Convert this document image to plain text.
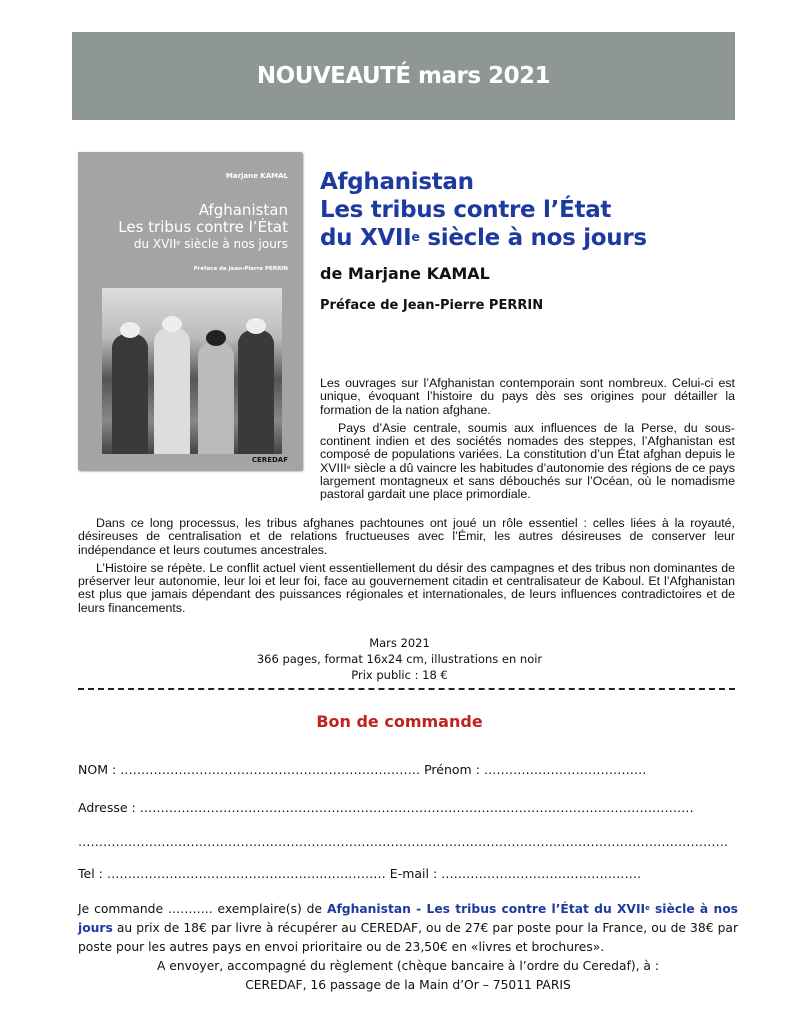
NOUVEAUTÉ mars 2021
Marjane KAMAL
Afghanistan
Les tribus contre l’État
du XVIIe siècle à nos jours
Préface de Jean-Pierre PERRIN
CEREDAF
Afghanistan
Les tribus contre l’État
du XVIIe siècle à nos jours
de Marjane KAMAL
Préface de Jean-Pierre PERRIN

Les ouvrages sur l’Afghanistan contemporain sont nombreux. Celui-ci est unique, évoquant l’histoire du pays dès ses origines pour détailler la formation de la nation afghane.

Pays d’Asie centrale, soumis aux influences de la Perse, du sous-continent indien et des sociétés nomades des steppes, l’Afghanistan est composé de populations variées. La constitution d’un État afghan depuis le XVIIIe siècle a dû vaincre les habitudes d’autonomie des régions de ce pays largement montagneux et sans débouchés sur l’Océan, où le nomadisme pastoral gardait une place primordiale.

Dans ce long processus, les tribus afghanes pachtounes ont joué un rôle essentiel : celles liées à la royauté, désireuses de centralisation et de relations fructueuses avec l’Émir, les autres désireuses de conserver leur indépendance et leurs coutumes ancestrales.

L’Histoire se répète. Le conflit actuel vient essentiellement du désir des campagnes et des tribus non dominantes de préserver leur autonomie, leur loi et leur foi, face au gouvernement citadin et centralisateur de Kaboul. Et l’Afghanistan est plus que jamais dépendant des puissances régionales et internationales, de leurs influences contradictoires et de leurs financements.

Mars 2021
366 pages, format 16x24 cm, illustrations en noir
Prix public : 18 €
Bon de commande
NOM : ……………………………………………………………… Prénom : …………………………………
Adresse : …………………………………………………………………………….………………………………………
…………………………………………………………………………………………………………………………………………
Tel : …………………………………………….…………… E-mail : …………………………………………
Je commande ……….. exemplaire(s) de Afghanistan - Les tribus contre l’État du XVIIe siècle à nos jours au prix de 18€ par livre à récupérer au CEREDAF, ou de 27€ par poste pour la France, ou de 38€ par poste pour les autres pays en envoi prioritaire ou de 23,50€ en «livres et brochures».
A envoyer, accompagné du règlement (chèque bancaire à l’ordre du Ceredaf), à :
CEREDAF, 16 passage de la Main d’Or – 75011 PARIS
